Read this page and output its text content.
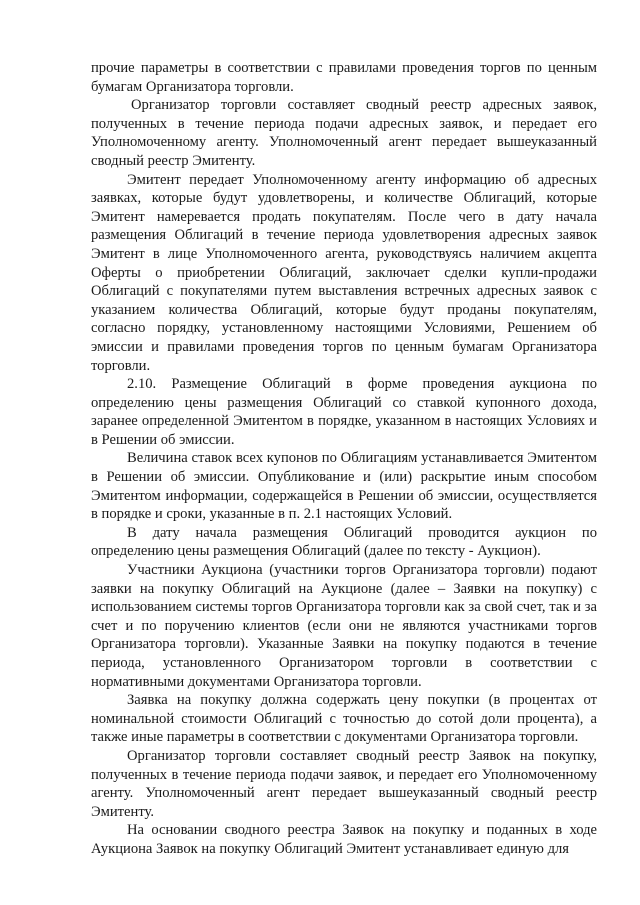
прочие параметры в соответствии с правилами проведения торгов по ценным бумагам Организатора торговли.

Организатор торговли составляет сводный реестр адресных заявок, полученных в течение периода подачи адресных заявок, и передает его Уполномоченному агенту. Уполномоченный агент передает вышеуказанный сводный реестр Эмитенту.

Эмитент передает Уполномоченному агенту информацию об адресных заявках, которые будут удовлетворены, и количестве Облигаций, которые Эмитент намеревается продать покупателям. После чего в дату начала размещения Облигаций в течение периода удовлетворения адресных заявок Эмитент в лице Уполномоченного агента, руководствуясь наличием акцепта Оферты о приобретении Облигаций, заключает сделки купли-продажи Облигаций с покупателями путем выставления встречных адресных заявок с указанием количества Облигаций, которые будут проданы покупателям, согласно порядку, установленному настоящими Условиями, Решением об эмиссии и правилами проведения торгов по ценным бумагам Организатора торговли.

2.10. Размещение Облигаций в форме проведения аукциона по определению цены размещения Облигаций со ставкой купонного дохода, заранее определенной Эмитентом в порядке, указанном в настоящих Условиях и в Решении об эмиссии.

Величина ставок всех купонов по Облигациям устанавливается Эмитентом в Решении об эмиссии. Опубликование и (или) раскрытие иным способом Эмитентом информации, содержащейся в Решении об эмиссии, осуществляется в порядке и сроки, указанные в п. 2.1 настоящих Условий.

В дату начала размещения Облигаций проводится аукцион по определению цены размещения Облигаций (далее по тексту - Аукцион).

Участники Аукциона (участники торгов Организатора торговли) подают заявки на покупку Облигаций на Аукционе (далее – Заявки на покупку) с использованием системы торгов Организатора торговли как за свой счет, так и за счет и по поручению клиентов (если они не являются участниками торгов Организатора торговли). Указанные Заявки на покупку подаются в течение периода, установленного Организатором торговли в соответствии с нормативными документами Организатора торговли.

Заявка на покупку должна содержать цену покупки (в процентах от номинальной стоимости Облигаций с точностью до сотой доли процента), а также иные параметры в соответствии с документами Организатора торговли.

Организатор торговли составляет сводный реестр Заявок на покупку, полученных в течение периода подачи заявок, и передает его Уполномоченному агенту. Уполномоченный агент передает вышеуказанный сводный реестр Эмитенту.

На основании сводного реестра Заявок на покупку и поданных в ходе Аукциона Заявок на покупку Облигаций Эмитент устанавливает единую для
